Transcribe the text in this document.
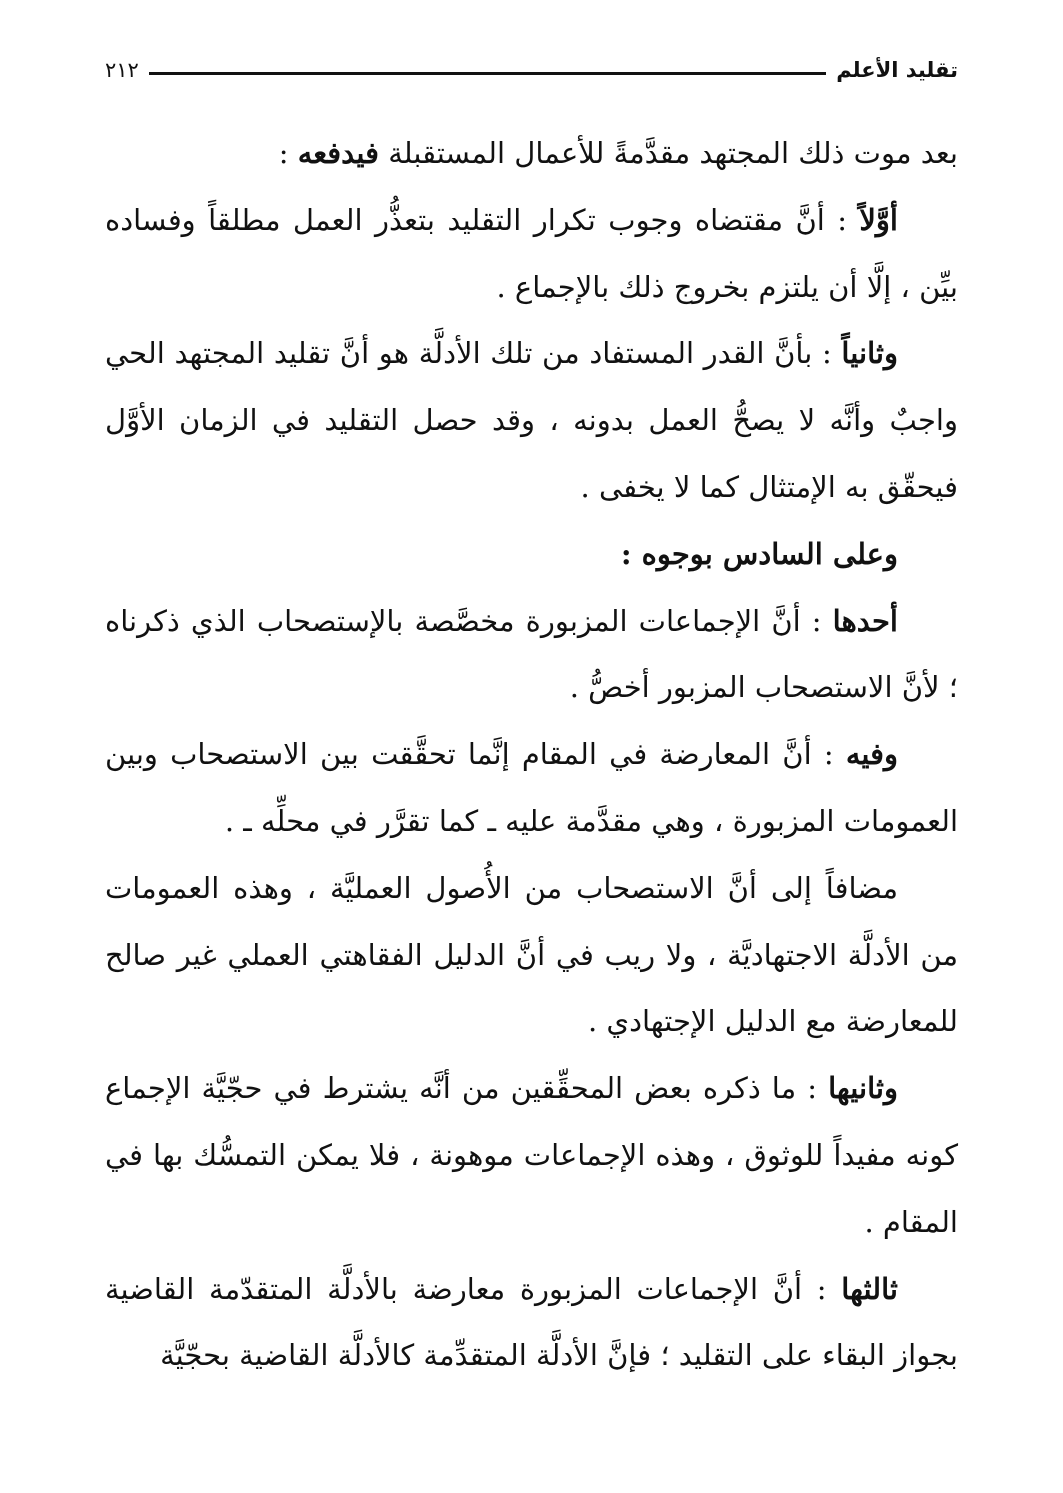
تقليد الأعلم
٢١٢

بعد موت ذلك المجتهد مقدَّمةً للأعمال المستقبلة فيدفعه :

أوَّلاً : أنَّ مقتضاه وجوب تكرار التقليد بتعذُّر العمل مطلقاً وفساده بيِّن ، إلَّا أن يلتزم بخروج ذلك بالإجماع .

وثانياً : بأنَّ القدر المستفاد من تلك الأدلَّة هو أنَّ تقليد المجتهد الحي واجبٌ وأنَّه لا يصحُّ العمل بدونه ، وقد حصل التقليد في الزمان الأوَّل فيحقّق به الإمتثال كما لا يخفى .

وعلى السادس بوجوه :

أحدها : أنَّ الإجماعات المزبورة مخصَّصة بالإستصحاب الذي ذكرناه ؛ لأنَّ الاستصحاب المزبور أخصُّ .

وفيه : أنَّ المعارضة في المقام إنَّما تحقَّقت بين الاستصحاب وبين العمومات المزبورة ، وهي مقدَّمة عليه ـ كما تقرَّر في محلِّه ـ .

مضافاً إلى أنَّ الاستصحاب من الأُصول العمليَّة ، وهذه العمومات من الأدلَّة الاجتهاديَّة ، ولا ريب في أنَّ الدليل الفقاهتي العملي غير صالح للمعارضة مع الدليل الإجتهادي .

وثانيها : ما ذكره بعض المحقِّقين من أنَّه يشترط في حجّيَّة الإجماع كونه مفيداً للوثوق ، وهذه الإجماعات موهونة ، فلا يمكن التمسُّك بها في المقام .

ثالثها : أنَّ الإجماعات المزبورة معارضة بالأدلَّة المتقدّمة القاضية بجواز البقاء على التقليد ؛ فإنَّ الأدلَّة المتقدِّمة كالأدلَّة القاضية بحجّيَّة
